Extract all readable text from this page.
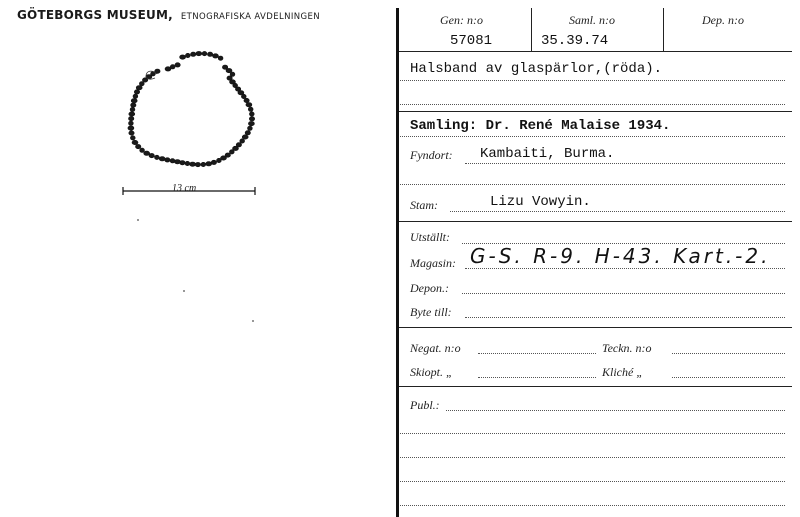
GÖTEBORGS MUSEUM, ETNOGRAFISKA AVDELNINGEN
13 cm
Gen: n:o
57081
Saml. n:o
35.39.74
Dep. n:o
Halsband av glaspärlor,(röda).
Samling: Dr. René Malaise 1934.
Fyndort: Kambaiti, Burma.
Stam:	Lizu Vowyin.
Utställt:
Magasin: G-S. R-9. H-43. Kart.-2.
Depon.:
Byte till:
Negat. n:o	Teckn. n:o
Skiopt. „	Kliché „
Publ.:
